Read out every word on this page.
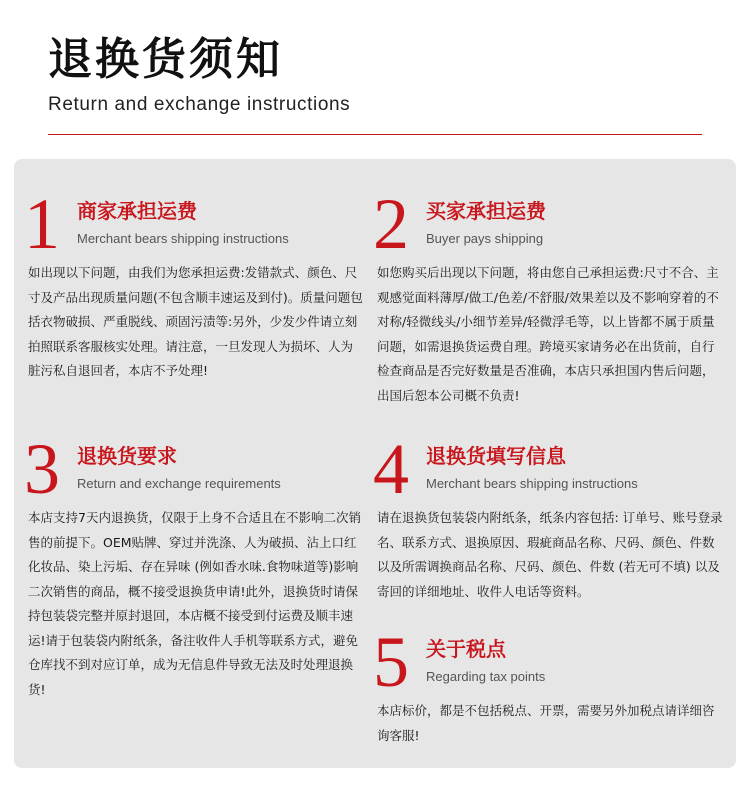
退换货须知
Return and exchange instructions
1 商家承担运费
Merchant bears shipping instructions
如出现以下问题，由我们为您承担运费:发错款式、颜色、尺寸及产品出现质量问题(不包含顺丰速运及到付)。质量问题包括衣物破损、严重脱线、顽固污渍等:另外，少发少件请立刻拍照联系客服核实处理。请注意，一旦发现人为损坏、人为脏污私自退回者，本店不予处理!
2 买家承担运费
Buyer pays shipping
如您购买后出现以下问题，将由您自己承担运费:尺寸不合、主观感觉面料薄厚/做工/色差/不舒服/效果差以及不影响穿着的不对称/轻微线头/小细节差异/轻微浮毛等，以上皆都不属于质量问题，如需退换货运费自理。跨境买家请务必在出货前，自行检查商品是否完好数量是否准确，本店只承担国内售后问题，出国后恕本公司概不负责!
3 退换货要求
Return and exchange requirements
本店支持7天内退换货，仅限于上身不合适且在不影响二次销售的前提下。OEM贴牌、穿过并洗涤、人为破损、沾上口红化妆品、染上污垢、存在异味 (例如香水味.食物味道等)影响二次销售的商品，概不接受退换货申请!此外，退换货时请保持包装袋完整并原封退回，本店概不接受到付运费及顺丰速运!请于包装袋内附纸条，备注收件人手机等联系方式，避免仓库找不到对应订单，成为无信息件导致无法及时处理退换货!
4 退换货填写信息
Merchant bears shipping instructions
请在退换货包装袋内附纸条，纸条内容包括: 订单号、账号登录名、联系方式、退换原因、瑕疵商品名称、尺码、颜色、件数以及所需调换商品名称、尺码、颜色、件数 (若无可不填) 以及寄回的详细地址、收件人电话等资料。
5 关于税点
Regarding tax points
本店标价，都是不包括税点、开票，需要另外加税点请详细咨询客服!
